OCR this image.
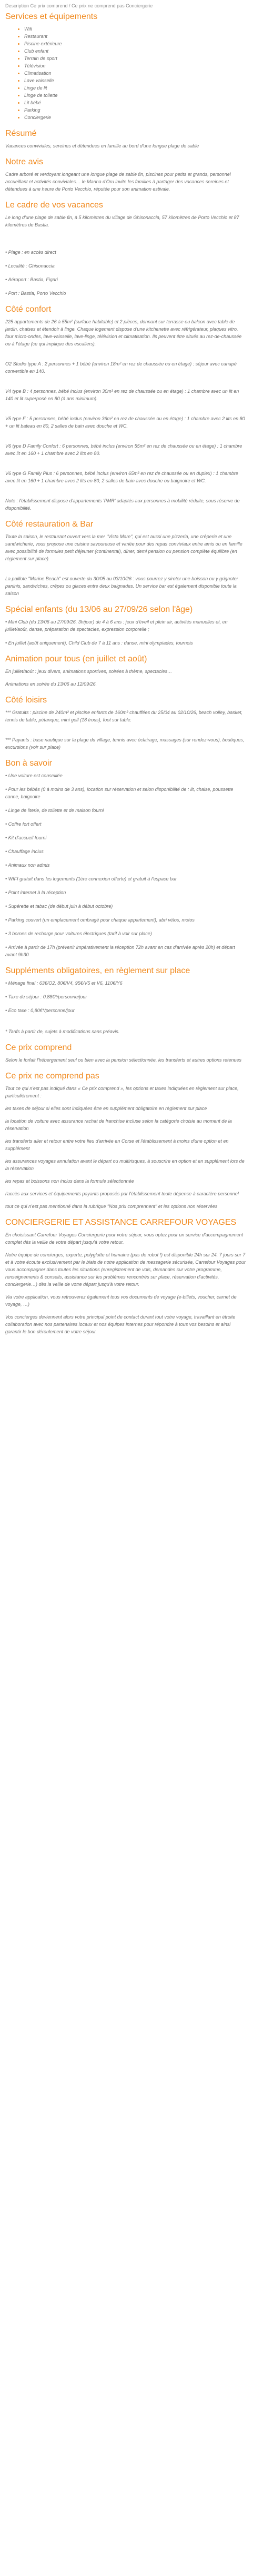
Description Ce prix comprend / Ce prix ne comprend pas Conciergerie
Services et équipements
• Wifi
• Restaurant
• Piscine extérieure
• Club enfant
• Terrain de sport
• Télévision
• Climatisation
• Lave vaisselle
• Linge de lit
• Linge de toilette
• Lit bébé
• Parking
• Conciergerie
Résumé

Vacances conviviales, sereines et détendues en famille au bord d'une longue plage de sable

Notre avis

Cadre arboré et verdoyant longeant une longue plage de sable fin, piscines pour petits et grands, personnel accueillant et activités conviviales… le Marina d'Oru invite les familles à partager des vacances sereines et détendues à une heure de Porto Vecchio, réputée pour son animation estivale.

Le cadre de vos vacances

Le long d'une plage de sable fin, à 5 kilomètres du village de Ghisonaccia, 57 kilomètres de Porto Vecchio et 87 kilomètres de Bastia.

• Plage : en accès direct

• Localité : Ghisonaccia

• Aéroport : Bastia, Figari

• Port : Bastia, Porto Vecchio

Côté confort

225 appartements de 26 à 55m² (surface habitable) et 2 pièces, donnant sur terrasse ou balcon avec table de jardin, chaises et étendoir à linge. Chaque logement dispose d'une kitchenette avec réfrigérateur, plaques vitro, four micro-ondes, lave-vaisselle, lave-linge, télévision et climatisation. Ils peuvent être situés au rez-de-chaussée ou à l'étage (ce qui implique des escaliers).

O2 Studio type A : 2 personnes + 1 bébé (environ 18m² en rez de chaussée ou en étage) : séjour avec canapé convertible en 140.

V4 type B : 4 personnes, bébé inclus (environ 30m² en rez de chaussée ou en étage) : 1 chambre avec un lit en 140 et lit superposé en 80 (à ans minimum).

V5 type F : 5 personnes, bébé inclus (environ 36m² en rez de chaussée ou en étage) : 1 chambre avec 2 lits en 80 + un lit bateau en 80, 2 salles de bain avec douche et WC.

V6 type D Family Confort : 6 personnes, bébé inclus (environ 55m² en rez de chaussée ou en étage) : 1 chambre avec lit en 160 + 1 chambre avec 2 lits en 80.

V6 type G Family Plus : 6 personnes, bébé inclus (environ 65m² en rez de chaussée ou en duplex) : 1 chambre avec lit en 160 + 1 chambre avec 2 lits en 80, 2 salles de bain avec douche ou baignoire et WC.

Note : l'établissement dispose d'appartements 'PMR' adaptés aux personnes à mobilité réduite, sous réserve de disponibilité.

Côté restauration & Bar

Toute la saison, le restaurant ouvert vers la mer "Vista Mare", qui est aussi une pizzeria, une crêperie et une sandwicherie, vous propose une cuisine savoureuse et variée pour des repas conviviaux entre amis ou en famille avec possibilité de formules petit déjeuner (continental), dîner, demi pension ou pension complète équilibre (en règlement sur place).

La paillote "Marine Beach" est ouverte du 30/05 au 03/10/26 : vous pourrez y siroter une boisson ou y grignoter paninis, sandwiches, crêpes ou glaces entre deux baignades. Un service bar est également disponible toute la saison

Spécial enfants (du 13/06 au 27/09/26 selon l'âge)

• Mini Club (du 13/06 au 27/09/26, 3h/jour) de 4 à 6 ans : jeux d'éveil et plein air, activités manuelles et, en juillet/août, danse, préparation de spectacles, expression corporelle ;

• En juillet (août uniquement), Child Club de 7 à 11 ans : danse, mini olympiades, tournois

Animation pour tous (en juillet et août)

En juillet/août : jeux divers, animations sportives, soirées à thème, spectacles…

Animations en soirée du 13/06 au 12/09/26.

Côté loisirs

*** Gratuits : piscine de 240m² et piscine enfants de 160m² chauffées du 25/04 au 02/10/26, beach volley, basket, tennis de table, pétanque, mini golf (18 trous), foot sur table.

*** Payants : base nautique sur la plage du village, tennis avec éclairage, massages (sur rendez-vous), boutiques, excursions (voir sur place)

Bon à savoir

• Une voiture est conseillée

• Pour les bébés (0 à moins de 3 ans), location sur réservation et selon disponibilité de : lit, chaise, poussette canne, baignoire

• Linge de literie, de toilette et de maison fourni

• Coffre fort offert

• Kit d'accueil fourni

• Chauffage inclus

• Animaux non admis

• WIFI gratuit dans les logements (1ère connexion offerte) et gratuit à l'espace bar

• Point internet à la réception

• Supérette et tabac (de début juin à début octobre)

• Parking couvert (un emplacement ombragé pour chaque appartement), abri vélos, motos

• 3 bornes de recharge pour voitures électriques (tarif à voir sur place)

• Arrivée à partir de 17h (prévenir impérativement la réception 72h avant en cas d'arrivée après 20h) et départ avant 9h30

Suppléments obligatoires, en règlement sur place

• Ménage final : 63€/O2, 80€/V4, 95€/V5 et V6, 110€/Y6

• Taxe de séjour : 0,88€*/personne/jour

• Eco taxe : 0,80€*/personne/jour

* Tarifs à partir de, sujets à modifications sans préavis.

Ce prix comprend

Selon le forfait l'hébergement seul ou bien avec la pension sélectionnée, les transferts et autres options retenues

Ce prix ne comprend pas

Tout ce qui n'est pas indiqué dans « Ce prix comprend », les options et taxes indiquées en règlement sur place, particulièrement :

les taxes de séjour si elles sont indiquées être en supplément obligatoire en règlement sur place

la location de voiture avec assurance rachat de franchise incluse selon la catégorie choisie au moment de la réservation

les transferts aller et retour entre votre lieu d'arrivée en Corse et l'établissement à moins d'une option et en supplément

les assurances voyages annulation avant le départ ou multirisques, à souscrire en option et en supplément lors de la réservation

les repas et boissons non inclus dans la formule sélectionnée

l'accès aux services et équipements payants proposés par l'établissement toute dépense à caractère personnel

tout ce qui n'est pas mentionné dans la rubrique "Nos prix comprennent" et les options non réservées

CONCIERGERIE ET ASSISTANCE CARREFOUR VOYAGES

En choisissant Carrefour Voyages Conciergerie pour votre séjour, vous optez pour un service d'accompagnement complet dès la veille de votre départ jusqu'à votre retour.

Notre équipe de concierges, experte, polyglotte et humaine (pas de robot !) est disponible 24h sur 24, 7 jours sur 7 et à votre écoute exclusivement par le biais de notre application de messagerie sécurisée, Carrefour Voyages pour vous accompagner dans toutes les situations (enregistrement de vols, demandes sur votre programme, renseignements & conseils, assistance sur les problèmes rencontrés sur place, réservation d'activités, conciergerie…) dès la veille de votre départ jusqu'à votre retour.

Via votre application, vous retrouverez également tous vos documents de voyage (e-billets, voucher, carnet de voyage, …)

Vos concierges deviennent alors votre principal point de contact durant tout votre voyage, travaillant en étroite collaboration avec nos partenaires locaux et nos équipes internes pour répondre à tous vos besoins et ainsi garantir le bon déroulement de votre séjour.
